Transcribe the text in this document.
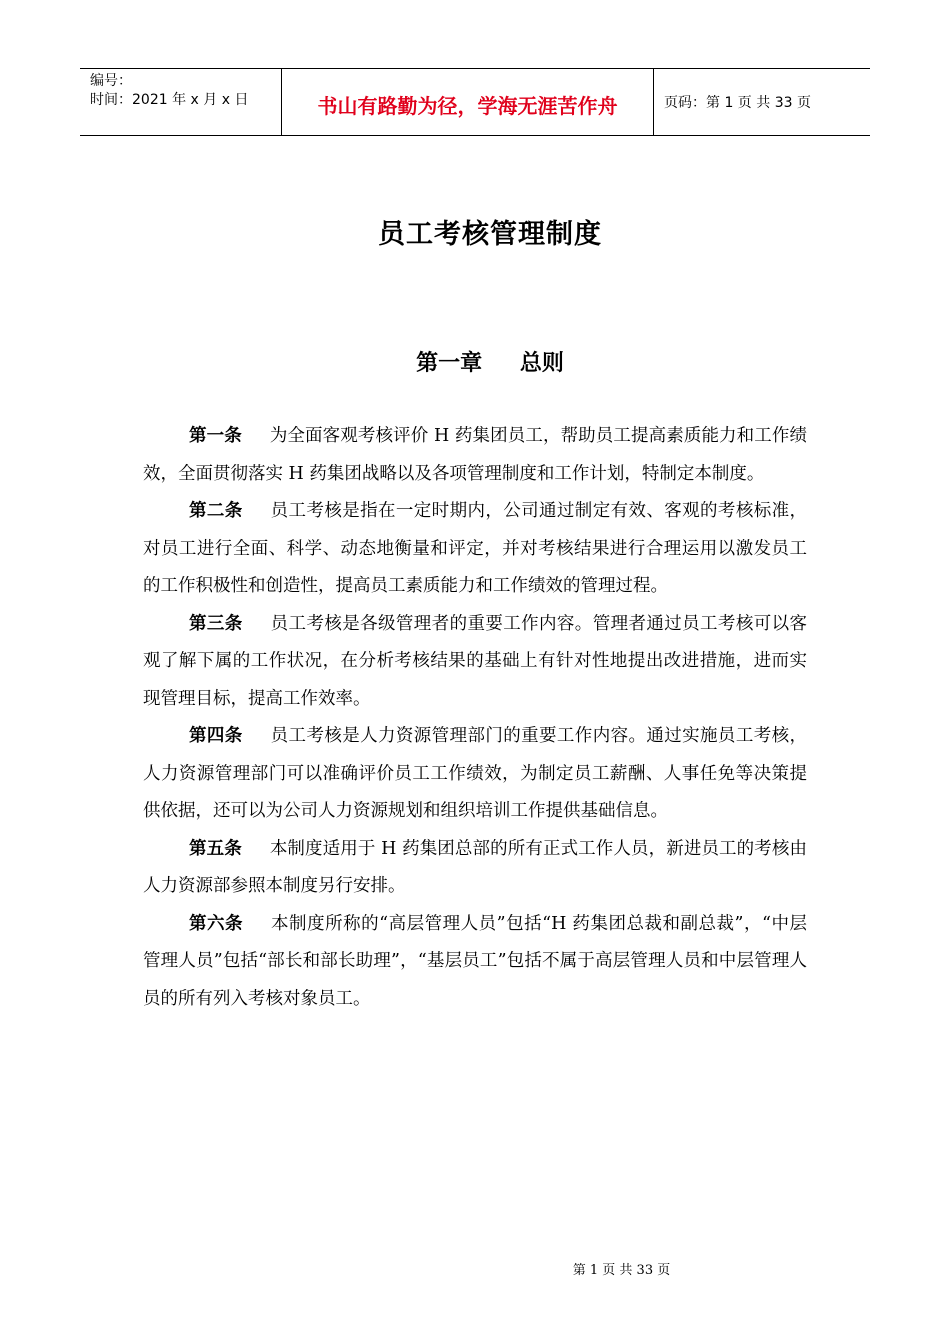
编号：
时间：2021 年 x 月 x 日	书山有路勤为径，学海无涯苦作舟	页码：第 1 页 共 33 页
员工考核管理制度
第一章 总则

第一条 为全面客观考核评价 H 药集团员工，帮助员工提高素质能力和工作绩效，全面贯彻落实 H 药集团战略以及各项管理制度和工作计划，特制定本制度。

第二条 员工考核是指在一定时期内，公司通过制定有效、客观的考核标准，对员工进行全面、科学、动态地衡量和评定，并对考核结果进行合理运用以激发员工的工作积极性和创造性，提高员工素质能力和工作绩效的管理过程。

第三条 员工考核是各级管理者的重要工作内容。管理者通过员工考核可以客观了解下属的工作状况，在分析考核结果的基础上有针对性地提出改进措施，进而实现管理目标，提高工作效率。

第四条 员工考核是人力资源管理部门的重要工作内容。通过实施员工考核，人力资源管理部门可以准确评价员工工作绩效，为制定员工薪酬、人事任免等决策提供依据，还可以为公司人力资源规划和组织培训工作提供基础信息。

第五条 本制度适用于 H 药集团总部的所有正式工作人员，新进员工的考核由人力资源部参照本制度另行安排。

第六条 本制度所称的“高层管理人员”包括“H 药集团总裁和副总裁”，“中层管理人员”包括“部长和部长助理”，“基层员工”包括不属于高层管理人员和中层管理人员的所有列入考核对象员工。

第 1 页 共 33 页
